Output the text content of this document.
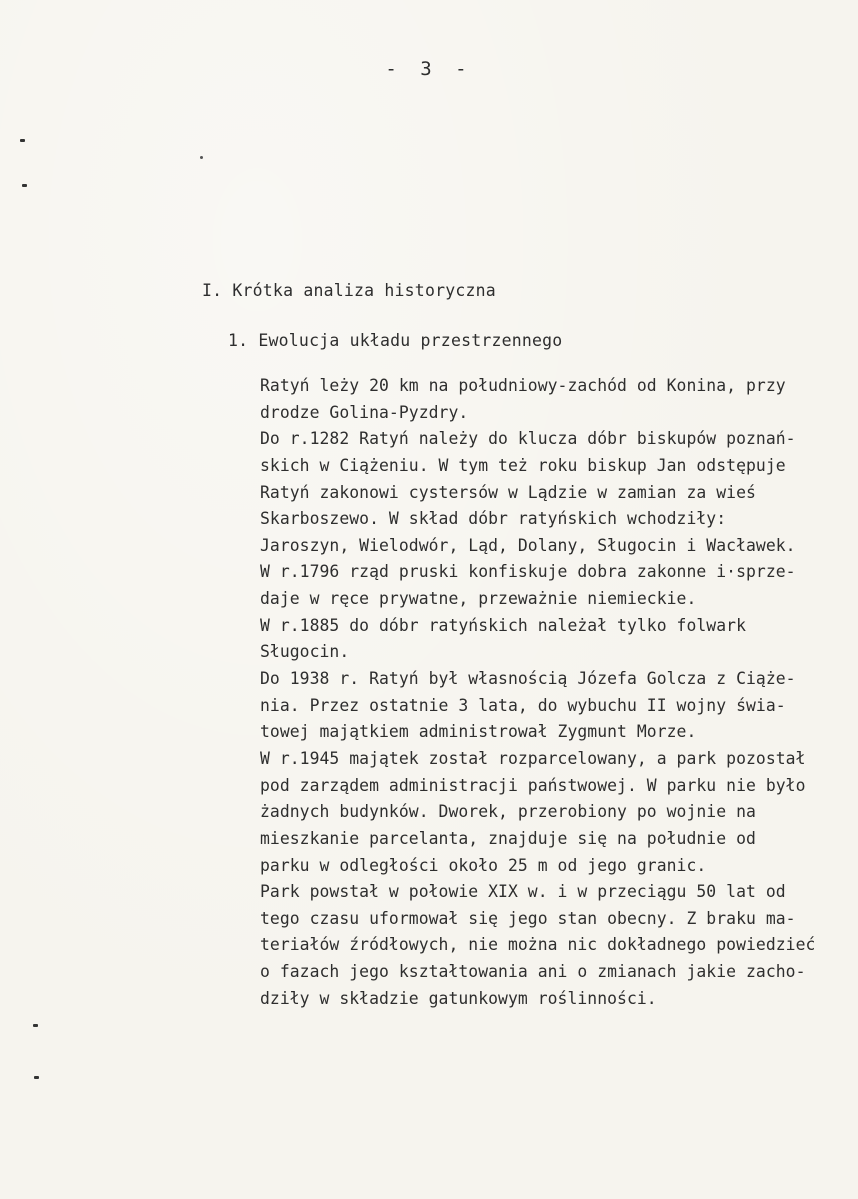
- 3 -
I. Krótka analiza historyczna
1. Ewolucja układu przestrzennego
Ratyń leży 20 km na południowy-zachód od Konina, przy
drodze Golina-Pyzdry.
Do r.1282 Ratyń należy do klucza dóbr biskupów poznań-
skich w Ciążeniu. W tym też roku biskup Jan odstępuje
Ratyń zakonowi cystersów w Lądzie w zamian za wieś
Skarboszewo. W skład dóbr ratyńskich wchodziły:
Jaroszyn, Wielodwór, Ląd, Dolany, Sługocin i Wacławek.
W r.1796 rząd pruski konfiskuje dobra zakonne i·sprze-
daje w ręce prywatne, przeważnie niemieckie.
W r.1885 do dóbr ratyńskich należał tylko folwark
Sługocin.
Do 1938 r. Ratyń był własnością Józefa Golcza z Ciąże-
nia. Przez ostatnie 3 lata, do wybuchu II wojny świa-
towej majątkiem administrował Zygmunt Morze.
W r.1945 majątek został rozparcelowany, a park pozostał
pod zarządem administracji państwowej. W parku nie było
żadnych budynków. Dworek, przerobiony po wojnie na
mieszkanie parcelanta, znajduje się na południe od
parku w odległości około 25 m od jego granic.
Park powstał w połowie XIX w. i w przeciągu 50 lat od
tego czasu uformował się jego stan obecny. Z braku ma-
teriałów źródłowych, nie można nic dokładnego powiedzieć
o fazach jego kształtowania ani o zmianach jakie zacho-
dziły w składzie gatunkowym roślinności.
